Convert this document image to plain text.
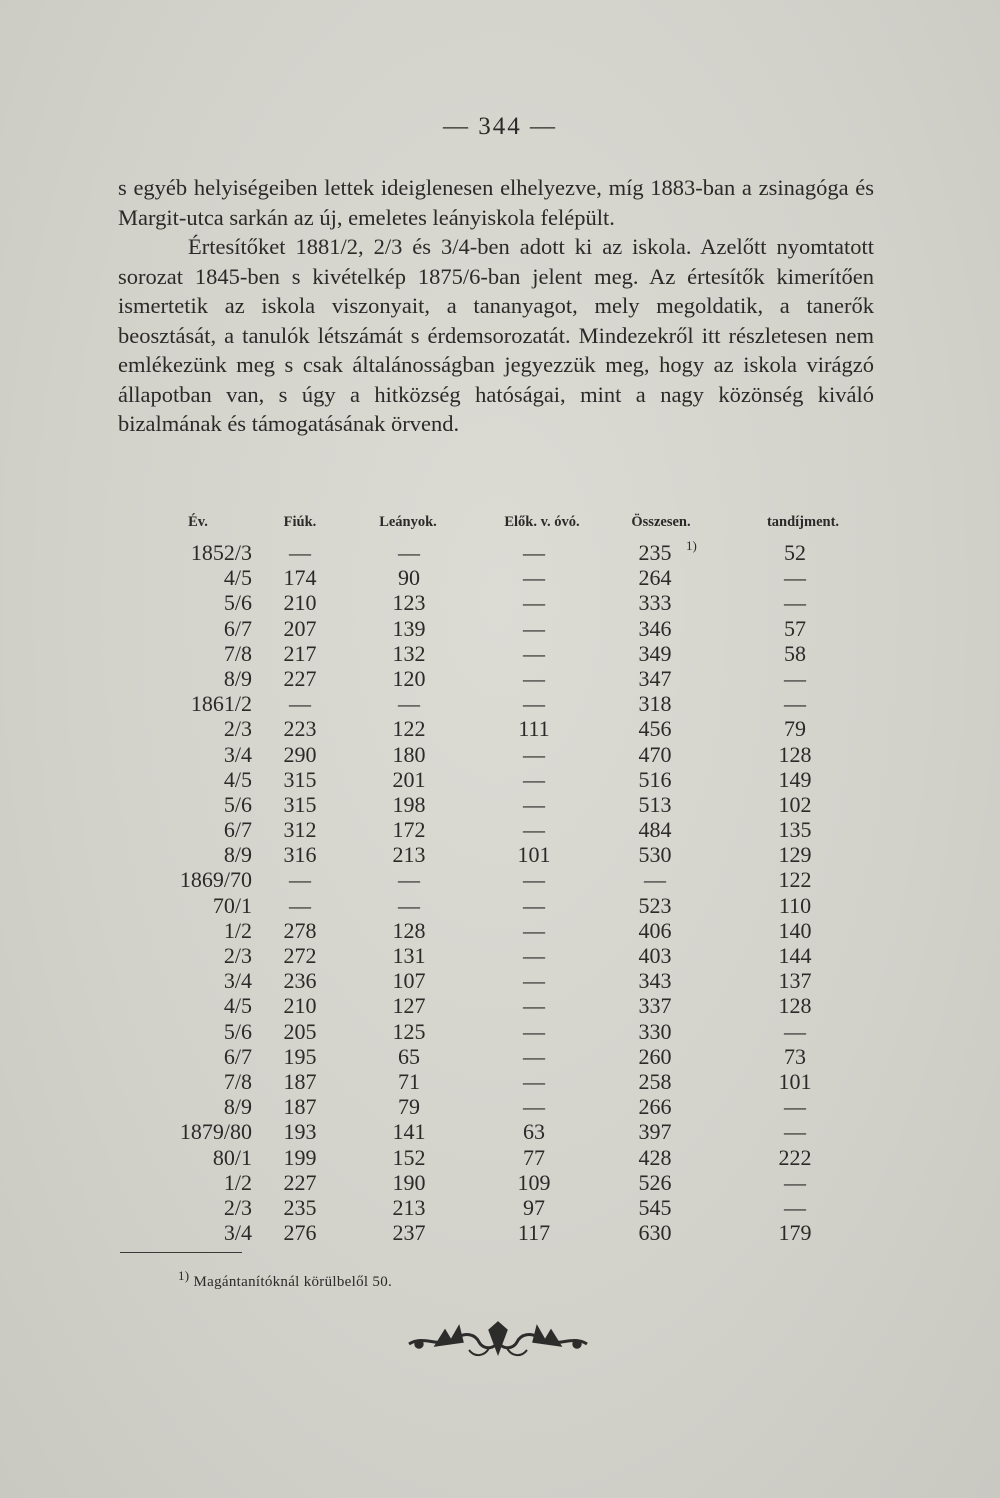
— 344 —

s egyéb helyiségeiben lettek ideiglenesen elhelyezve, míg 1883-ban a zsinagóga és Margit-utca sarkán az új, emeletes leányiskola felépült.

Értesítőket 1881/2, 2/3 és 3/4-ben adott ki az iskola. Azelőtt nyomtatott sorozat 1845-ben s kivételkép 1875/6-ban jelent meg. Az értesítők kimerítően ismertetik az iskola viszonyait, a tananyagot, mely megoldatik, a tanerők beosztását, a tanulók létszámát s érdemsorozatát. Mindezekről itt részletesen nem emlékezünk meg s csak általánosságban jegyezzük meg, hogy az iskola virágzó állapotban van, s úgy a hitközség hatóságai, mint a nagy közönség kiváló bizalmának és támogatásának örvend.

Év.	Fiúk.	Leányok.	Elők. v. óvó.	Összesen.	tandíjment.
1852/3	—	—	—	235	1)	52
4/5	174	90	—	264	—
5/6	210	123	—	333	—
6/7	207	139	—	346	57
7/8	217	132	—	349	58
8/9	227	120	—	347	—
1861/2	—	—	—	318	—
2/3	223	122	111	456	79
3/4	290	180	—	470	128
4/5	315	201	—	516	149
5/6	315	198	—	513	102
6/7	312	172	—	484	135
8/9	316	213	101	530	129
1869/70	—	—	—	—	122
70/1	—	—	—	523	110
1/2	278	128	—	406	140
2/3	272	131	—	403	144
3/4	236	107	—	343	137
4/5	210	127	—	337	128
5/6	205	125	—	330	—
6/7	195	65	—	260	73
7/8	187	71	—	258	101
8/9	187	79	—	266	—
1879/80	193	141	63	397	—
80/1	199	152	77	428	222
1/2	227	190	109	526	—
2/3	235	213	97	545	—
3/4	276	237	117	630	179
$^{1)}$ Magántanítóknál körülbelől 50.
